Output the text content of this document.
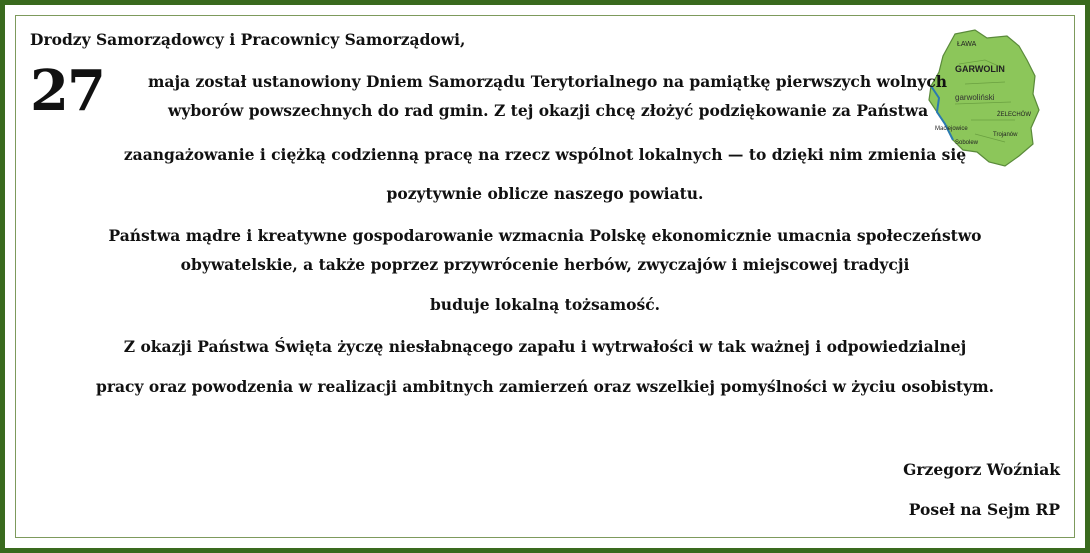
ŁAWA
GARWOLIN
garwoliński
ŻELECHÓW
Trojanów
Maciejowice
Sobolew
Drodzy Samorządowcy i Pracownicy Samorządowi,
27	maja został ustanowiony Dniem Samorządu Terytorialnego na pamiątkę pierwszych wolnych
wyborów powszechnych do rad gmin. Z tej okazji chcę złożyć podziękowanie za Państwa
zaangażowanie i ciężką codzienną pracę na rzecz wspólnot lokalnych — to dzięki nim zmienia się
pozytywnie oblicze naszego powiatu.
Państwa mądre i kreatywne gospodarowanie wzmacnia Polskę ekonomicznie umacnia społeczeństwo
obywatelskie, a także poprzez przywrócenie herbów, zwyczajów i miejscowej tradycji
buduje lokalną tożsamość.
Z okazji Państwa Święta życzę niesłabnącego zapału i wytrwałości w tak ważnej i odpowiedzialnej
pracy oraz powodzenia w realizacji ambitnych zamierzeń oraz wszelkiej pomyślności w życiu osobistym.
Grzegorz Woźniak
Poseł na Sejm RP
